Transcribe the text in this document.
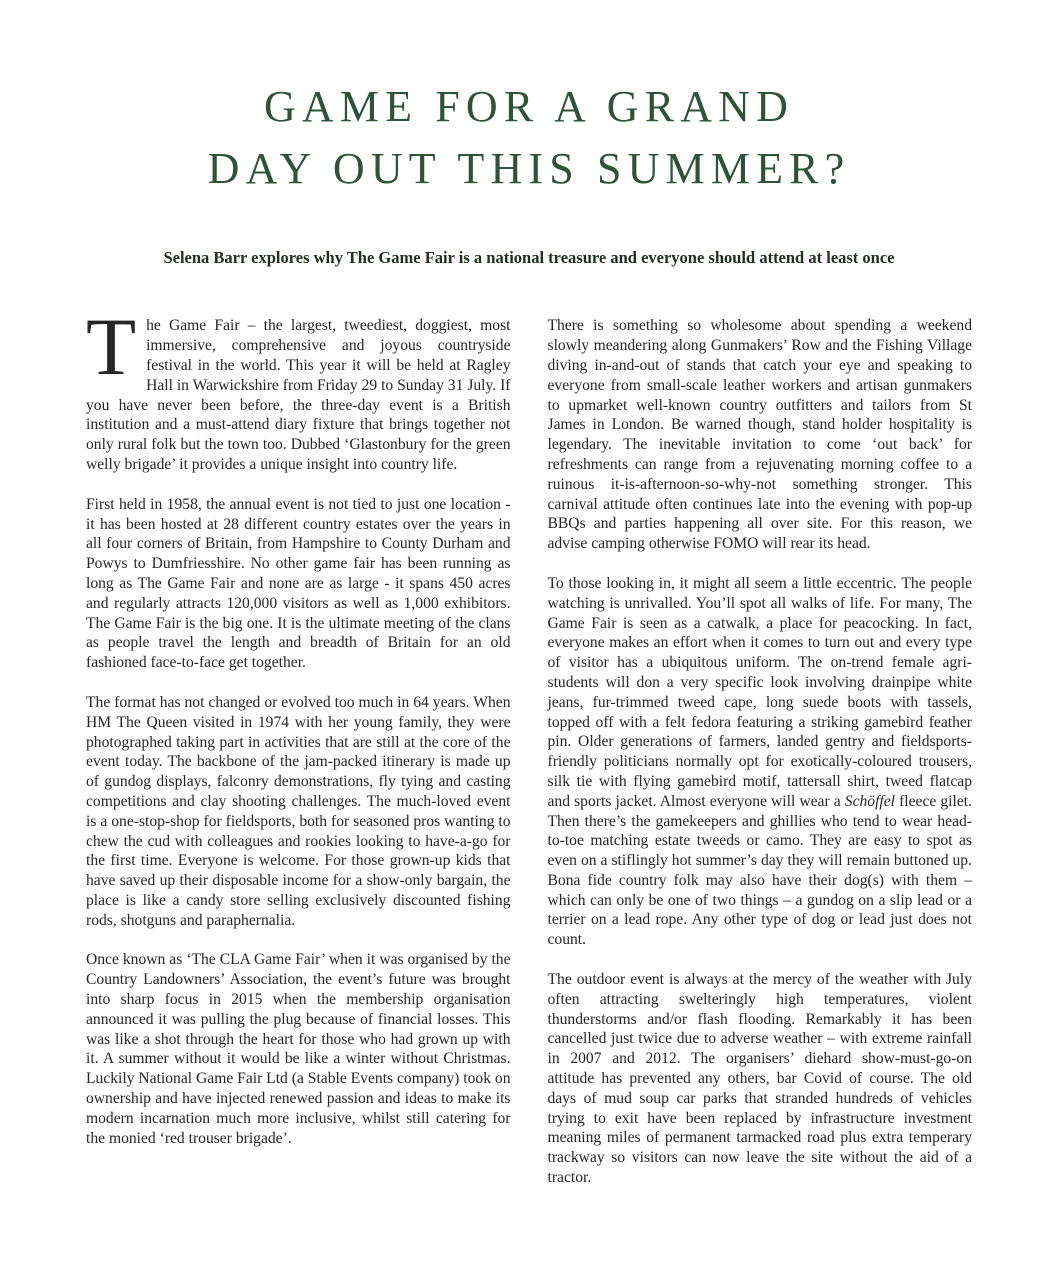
GAME FOR A GRAND
DAY OUT THIS SUMMER?

Selena Barr explores why The Game Fair is a national treasure and everyone should attend at least once

The Game Fair – the largest, tweediest, doggiest, most immersive, comprehensive and joyous countryside festival in the world. This year it will be held at Ragley Hall in Warwickshire from Friday 29 to Sunday 31 July. If you have never been before, the three-day event is a British institution and a must-attend diary fixture that brings together not only rural folk but the town too. Dubbed ‘Glastonbury for the green welly brigade’ it provides a unique insight into country life.

First held in 1958, the annual event is not tied to just one location - it has been hosted at 28 different country estates over the years in all four corners of Britain, from Hampshire to County Durham and Powys to Dumfriesshire. No other game fair has been running as long as The Game Fair and none are as large - it spans 450 acres and regularly attracts 120,000 visitors as well as 1,000 exhibitors. The Game Fair is the big one. It is the ultimate meeting of the clans as people travel the length and breadth of Britain for an old fashioned face-to-face get together.

The format has not changed or evolved too much in 64 years. When HM The Queen visited in 1974 with her young family, they were photographed taking part in activities that are still at the core of the event today. The backbone of the jam-packed itinerary is made up of gundog displays, falconry demonstrations, fly tying and casting competitions and clay shooting challenges. The much-loved event is a one-stop-shop for fieldsports, both for seasoned pros wanting to chew the cud with colleagues and rookies looking to have-a-go for the first time. Everyone is welcome. For those grown-up kids that have saved up their disposable income for a show-only bargain, the place is like a candy store selling exclusively discounted fishing rods, shotguns and paraphernalia.

Once known as ‘The CLA Game Fair’ when it was organised by the Country Landowners’ Association, the event’s future was brought into sharp focus in 2015 when the membership organisation announced it was pulling the plug because of financial losses. This was like a shot through the heart for those who had grown up with it. A summer without it would be like a winter without Christmas. Luckily National Game Fair Ltd (a Stable Events company) took on ownership and have injected renewed passion and ideas to make its modern incarnation much more inclusive, whilst still catering for the monied ‘red trouser brigade’.

There is something so wholesome about spending a weekend slowly meandering along Gunmakers’ Row and the Fishing Village diving in-and-out of stands that catch your eye and speaking to everyone from small-scale leather workers and artisan gunmakers to upmarket well-known country outfitters and tailors from St James in London. Be warned though, stand holder hospitality is legendary. The inevitable invitation to come ‘out back’ for refreshments can range from a rejuvenating morning coffee to a ruinous it-is-afternoon-so-why-not something stronger. This carnival attitude often continues late into the evening with pop-up BBQs and parties happening all over site. For this reason, we advise camping otherwise FOMO will rear its head.

To those looking in, it might all seem a little eccentric. The people watching is unrivalled. You’ll spot all walks of life. For many, The Game Fair is seen as a catwalk, a place for peacocking. In fact, everyone makes an effort when it comes to turn out and every type of visitor has a ubiquitous uniform. The on-trend female agri-students will don a very specific look involving drainpipe white jeans, fur-trimmed tweed cape, long suede boots with tassels, topped off with a felt fedora featuring a striking gamebird feather pin. Older generations of farmers, landed gentry and fieldsports-friendly politicians normally opt for exotically-coloured trousers, silk tie with flying gamebird motif, tattersall shirt, tweed flatcap and sports jacket. Almost everyone will wear a Schöffel fleece gilet. Then there’s the gamekeepers and ghillies who tend to wear head-to-toe matching estate tweeds or camo. They are easy to spot as even on a stiflingly hot summer’s day they will remain buttoned up. Bona fide country folk may also have their dog(s) with them – which can only be one of two things – a gundog on a slip lead or a terrier on a lead rope. Any other type of dog or lead just does not count.

The outdoor event is always at the mercy of the weather with July often attracting swelteringly high temperatures, violent thunderstorms and/or flash flooding. Remarkably it has been cancelled just twice due to adverse weather – with extreme rainfall in 2007 and 2012. The organisers’ diehard show-must-go-on attitude has prevented any others, bar Covid of course. The old days of mud soup car parks that stranded hundreds of vehicles trying to exit have been replaced by infrastructure investment meaning miles of permanent tarmacked road plus extra temperary trackway so visitors can now leave the site without the aid of a tractor.
